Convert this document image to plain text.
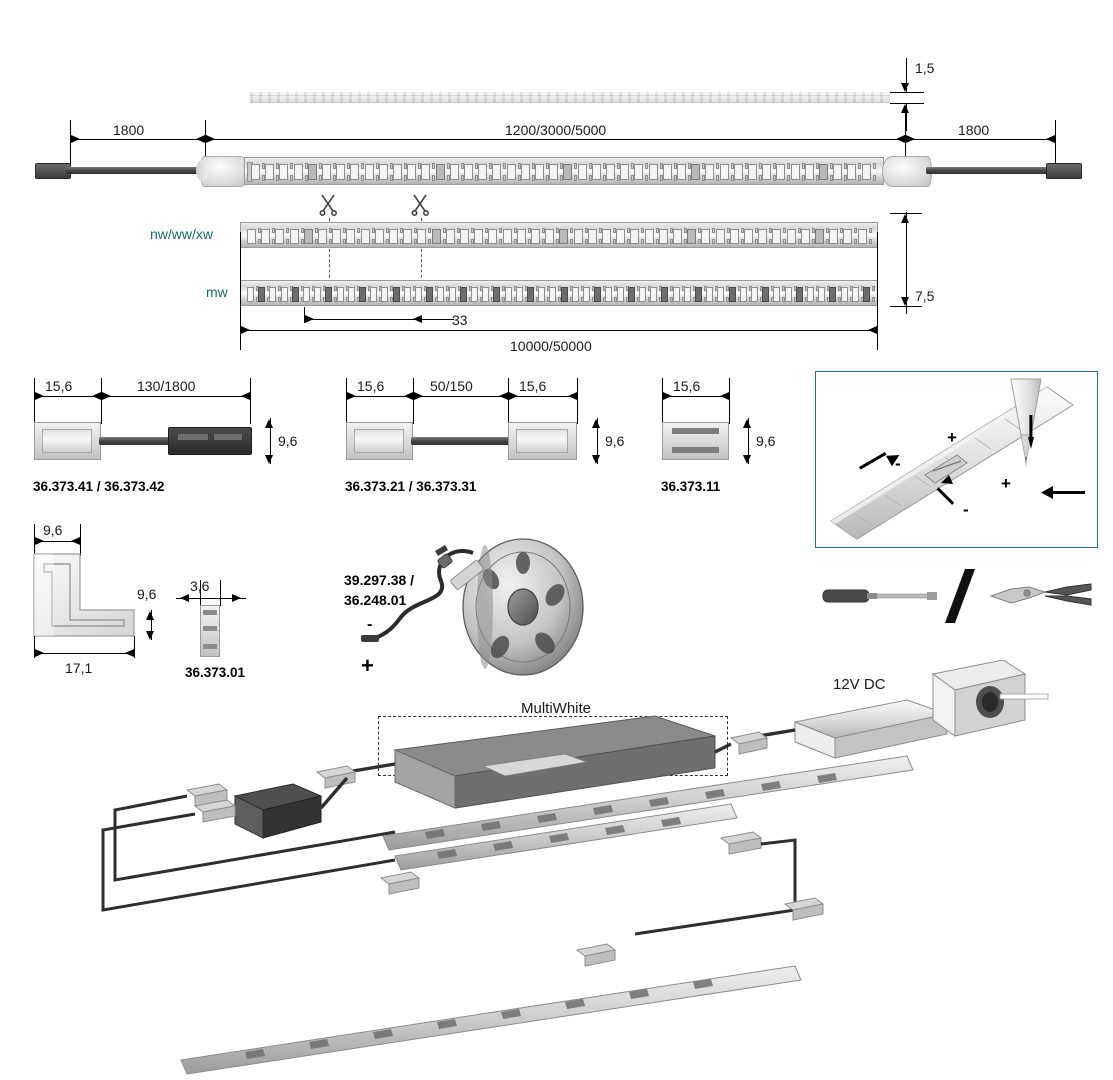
1,5
1800	1200/3000/5000	1800
nw/ww/xw
mw	7,5
33
10000/50000
15,6	130/1800
9,6
36.373.41 / 36.373.42
15,6	50/150	15,6
9,6
36.373.21 / 36.373.31
15,6
9,6
36.373.11
+
+
-
-
9,6
9,6
17,1
3,6
36.373.01
39.297.38 /
36.248.01
-
+
MultiWhite
12V DC
